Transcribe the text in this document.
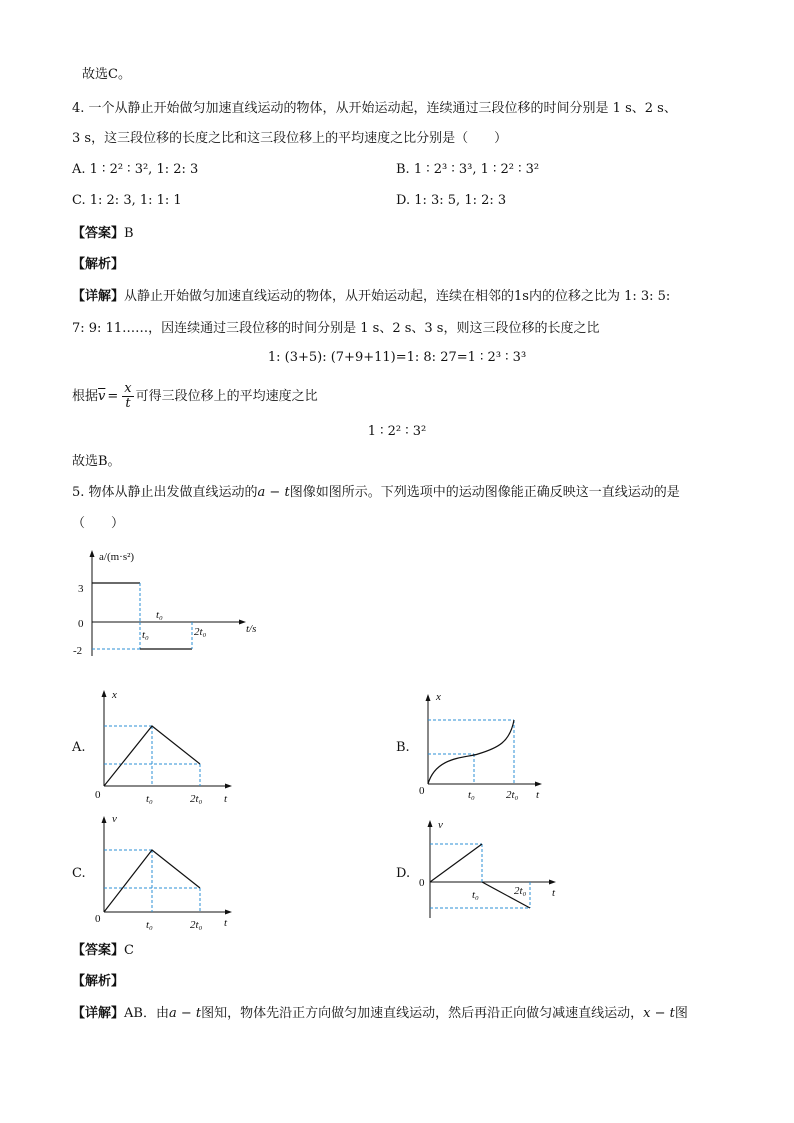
故选C。
4. 一个从静止开始做匀加速直线运动的物体，从开始运动起，连续通过三段位移的时间分别是 1 s、2 s、
3 s，这三段位移的长度之比和这三段位移上的平均速度之比分别是（　　）
A. 1 ∶ 2² ∶ 3², 1: 2: 3	B. 1 ∶ 2³ ∶ 3³, 1 ∶ 2² ∶ 3²
C. 1: 2: 3, 1: 1: 1	D. 1: 3: 5, 1: 2: 3
【答案】B
【解析】
【详解】从静止开始做匀加速直线运动的物体，从开始运动起，连续在相邻的1s内的位移之比为 1: 3: 5:
7: 9: 11……，因连续通过三段位移的时间分别是 1 s、2 s、3 s，则这三段位移的长度之比
1: (3+5): (7+9+11)=1: 8: 27=1 ∶ 2³ ∶ 3³
根据$\overline{v} = \frac{x}{t}$ 可得三段位移上的平均速度之比
1 ∶ 2² ∶ 3²
故选B。
5. 物体从静止出发做直线运动的a − t图像如图所示。下列选项中的运动图像能正确反映这一直线运动的是
（　　）
a/(m·s²)
t/s
3
0
-2
t₀
t₀	2t₀
A.
x
0	t₀	2t₀ t
B.
x
0	t₀	2t₀ t
C.
v
0	t₀	2t₀ t
D.
v
0
t₀	2t₀ t
【答案】C
【解析】
【详解】AB．由a − t图知，物体先沿正方向做匀加速直线运动，然后再沿正向做匀减速直线运动，x − t图
